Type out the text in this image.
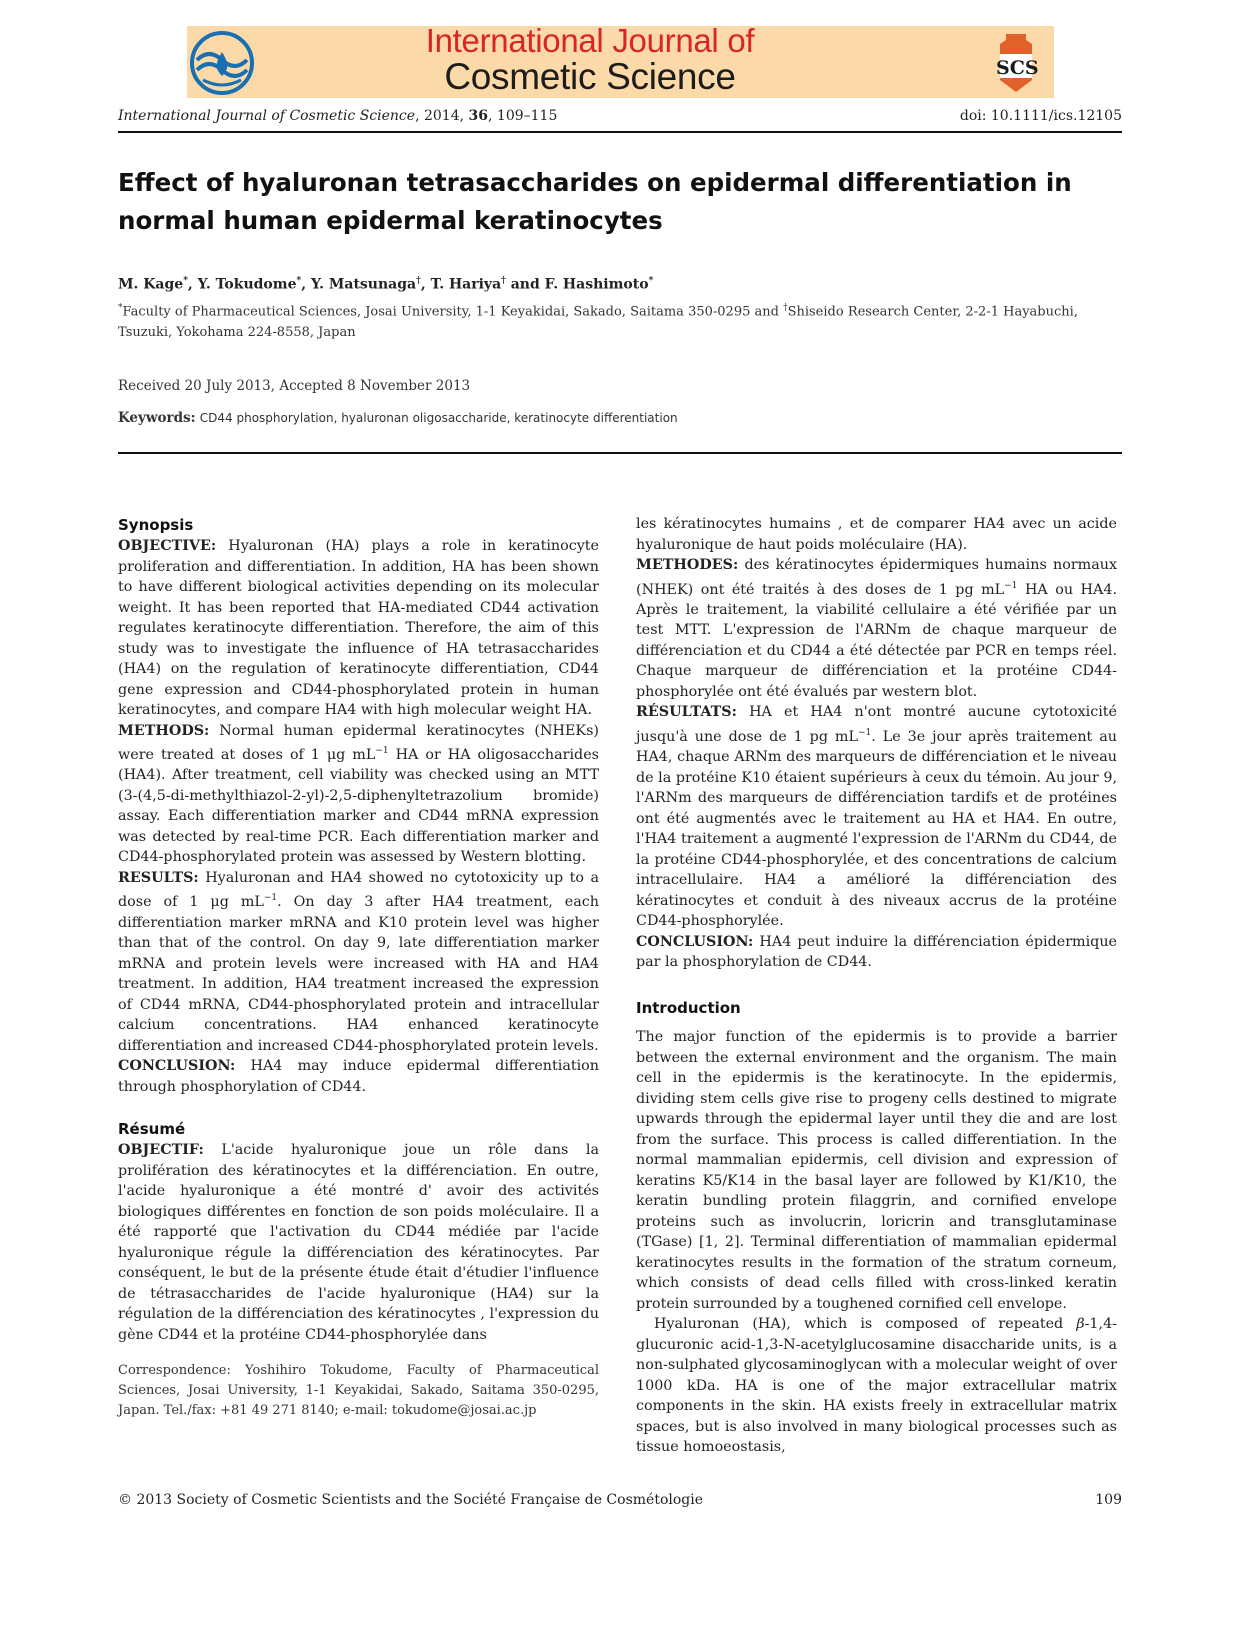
International Journal of
Cosmetic Science	SCS
International Journal of Cosmetic Science, 2014, 36, 109–115	doi: 10.1111/ics.12105
Effect of hyaluronan tetrasaccharides on epidermal differentiation in normal human epidermal keratinocytes
M. Kage*, Y. Tokudome*, Y. Matsunaga†, T. Hariya† and F. Hashimoto*
*Faculty of Pharmaceutical Sciences, Josai University, 1-1 Keyakidai, Sakado, Saitama 350-0295 and †Shiseido Research Center, 2-2-1 Hayabuchi, Tsuzuki, Yokohama 224-8558, Japan
Received 20 July 2013, Accepted 8 November 2013
Keywords: CD44 phosphorylation, hyaluronan oligosaccharide, keratinocyte differentiation
Synopsis

OBJECTIVE: Hyaluronan (HA) plays a role in keratinocyte proliferation and differentiation. In addition, HA has been shown to have different biological activities depending on its molecular weight. It has been reported that HA-mediated CD44 activation regulates keratinocyte differentiation. Therefore, the aim of this study was to investigate the influence of HA tetrasaccharides (HA4) on the regulation of keratinocyte differentiation, CD44 gene expression and CD44-phosphorylated protein in human keratinocytes, and compare HA4 with high molecular weight HA.

METHODS: Normal human epidermal keratinocytes (NHEKs) were treated at doses of 1 μg $mL^{-1}$ HA or HA oligosaccharides (HA4). After treatment, cell viability was checked using an MTT (3-(4,5-di-methylthiazol-2-yl)-2,5-diphenyltetrazolium bromide) assay. Each differentiation marker and CD44 mRNA expression was detected by real-time PCR. Each differentiation marker and CD44-phosphorylated protein was assessed by Western blotting.

RESULTS: Hyaluronan and HA4 showed no cytotoxicity up to a dose of 1 μg $mL^{-1}$. On day 3 after HA4 treatment, each differentiation marker mRNA and K10 protein level was higher than that of the control. On day 9, late differentiation marker mRNA and protein levels were increased with HA and HA4 treatment. In addition, HA4 treatment increased the expression of CD44 mRNA, CD44-phosphorylated protein and intracellular calcium concentrations. HA4 enhanced keratinocyte differentiation and increased CD44-phosphorylated protein levels.

CONCLUSION: HA4 may induce epidermal differentiation through phosphorylation of CD44.

Résumé

OBJECTIF: L'acide hyaluronique joue un rôle dans la prolifération des kératinocytes et la différenciation. En outre, l'acide hyaluronique a été montré d' avoir des activités biologiques différentes en fonction de son poids moléculaire. Il a été rapporté que l'activation du CD44 médiée par l'acide hyaluronique régule la différenciation des kératinocytes. Par conséquent, le but de la présente étude était d'étudier l'influence de tétrasaccharides de l'acide hyaluronique (HA4) sur la régulation de la différenciation des kératinocytes , l'expression du gène CD44 et la protéine CD44-phosphorylée dans

Correspondence: Yoshihiro Tokudome, Faculty of Pharmaceutical Sciences, Josai University, 1-1 Keyakidai, Sakado, Saitama 350-0295, Japan. Tel./fax: +81 49 271 8140; e-mail: tokudome@josai.ac.jp

les kératinocytes humains , et de comparer HA4 avec un acide hyaluronique de haut poids moléculaire (HA).

METHODES: des kératinocytes épidermiques humains normaux (NHEK) ont été traités à des doses de 1 pg $mL^{-1}$ HA ou HA4. Après le traitement, la viabilité cellulaire a été vérifiée par un test MTT. L'expression de l'ARNm de chaque marqueur de différenciation et du CD44 a été détectée par PCR en temps réel. Chaque marqueur de différenciation et la protéine CD44-phosphorylée ont été évalués par western blot.

RÉSULTATS: HA et HA4 n'ont montré aucune cytotoxicité jusqu'à une dose de 1 pg $mL^{-1}$. Le 3e jour après traitement au HA4, chaque ARNm des marqueurs de différenciation et le niveau de la protéine K10 étaient supérieurs à ceux du témoin. Au jour 9, l'ARNm des marqueurs de différenciation tardifs et de protéines ont été augmentés avec le traitement au HA et HA4. En outre, l'HA4 traitement a augmenté l'expression de l'ARNm du CD44, de la protéine CD44-phosphorylée, et des concentrations de calcium intracellulaire. HA4 a amélioré la différenciation des kératinocytes et conduit à des niveaux accrus de la protéine CD44-phosphorylée.

CONCLUSION: HA4 peut induire la différenciation épidermique par la phosphorylation de CD44.

Introduction

The major function of the epidermis is to provide a barrier between the external environment and the organism. The main cell in the epidermis is the keratinocyte. In the epidermis, dividing stem cells give rise to progeny cells destined to migrate upwards through the epidermal layer until they die and are lost from the surface. This process is called differentiation. In the normal mammalian epidermis, cell division and expression of keratins K5/K14 in the basal layer are followed by K1/K10, the keratin bundling protein filaggrin, and cornified envelope proteins such as involucrin, loricrin and transglutaminase (TGase) [1, 2]. Terminal differentiation of mammalian epidermal keratinocytes results in the formation of the stratum corneum, which consists of dead cells filled with cross-linked keratin protein surrounded by a toughened cornified cell envelope.

Hyaluronan (HA), which is composed of repeated β-1,4-glucuronic acid-1,3-N-acetylglucosamine disaccharide units, is a non-sulphated glycosaminoglycan with a molecular weight of over 1000 kDa. HA is one of the major extracellular matrix components in the skin. HA exists freely in extracellular matrix spaces, but is also involved in many biological processes such as tissue homoeostasis,

© 2013 Society of Cosmetic Scientists and the Société Française de Cosmétologie	109
